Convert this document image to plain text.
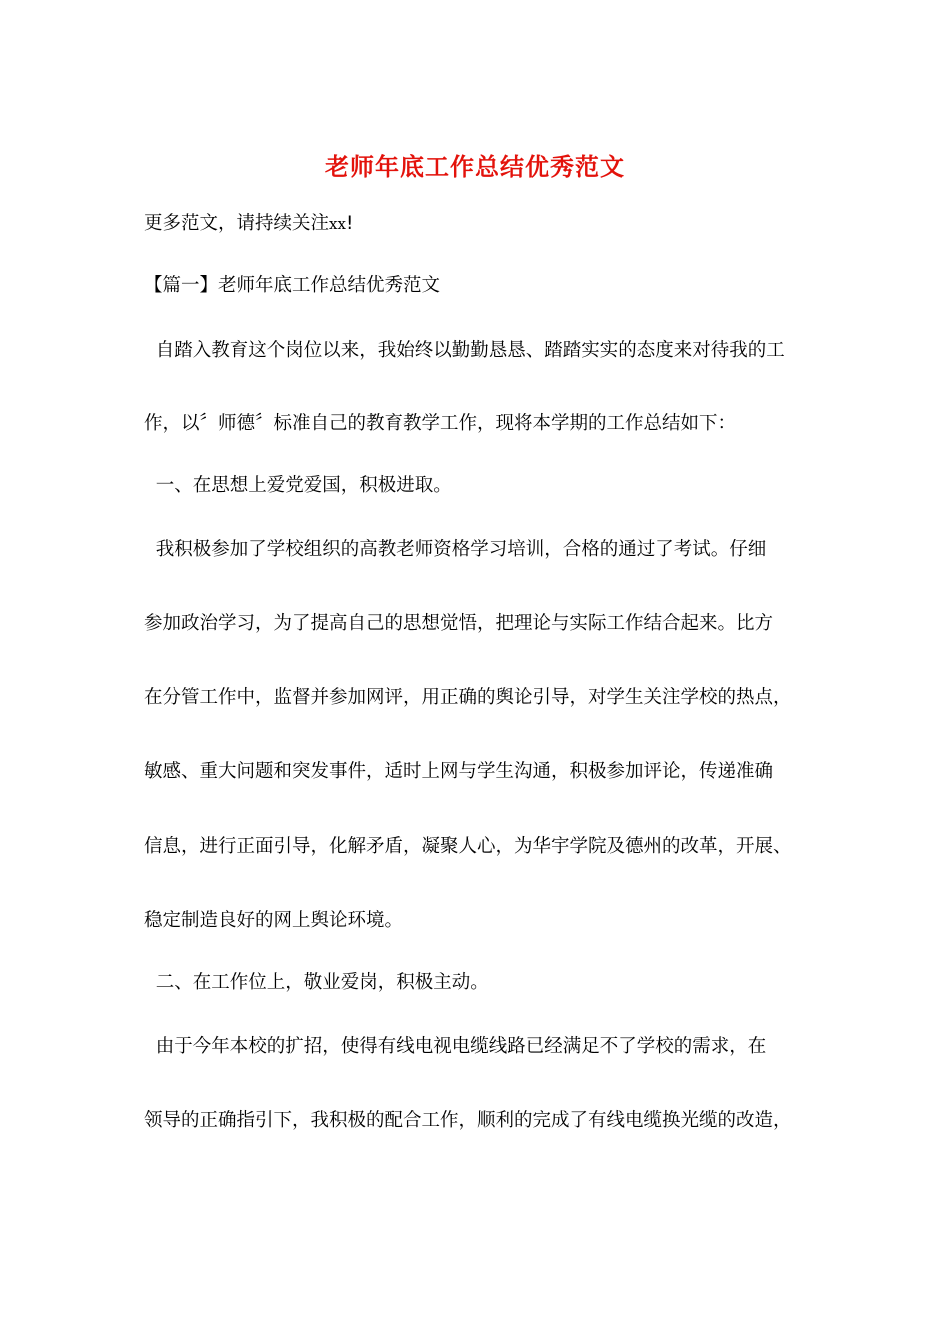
老师年底工作总结优秀范文
更多范文，请持续关注xx!
【篇一】老师年底工作总结优秀范文
自踏入教育这个岗位以来，我始终以勤勤恳恳、踏踏实实的态度来对待我的工
作，以〞师德〞标准自己的教育教学工作，现将本学期的工作总结如下：
一、在思想上爱党爱国，积极进取。
我积极参加了学校组织的高教老师资格学习培训，合格的通过了考试。仔细
参加政治学习，为了提高自己的思想觉悟，把理论与实际工作结合起来。比方
在分管工作中，监督并参加网评，用正确的舆论引导，对学生关注学校的热点，
敏感、重大问题和突发事件，适时上网与学生沟通，积极参加评论，传递准确
信息，进行正面引导，化解矛盾，凝聚人心，为华宇学院及德州的改革，开展、
稳定制造良好的网上舆论环境。
二、在工作位上，敬业爱岗，积极主动。
由于今年本校的扩招，使得有线电视电缆线路已经满足不了学校的需求，在
领导的正确指引下，我积极的配合工作，顺利的完成了有线电缆换光缆的改造，
